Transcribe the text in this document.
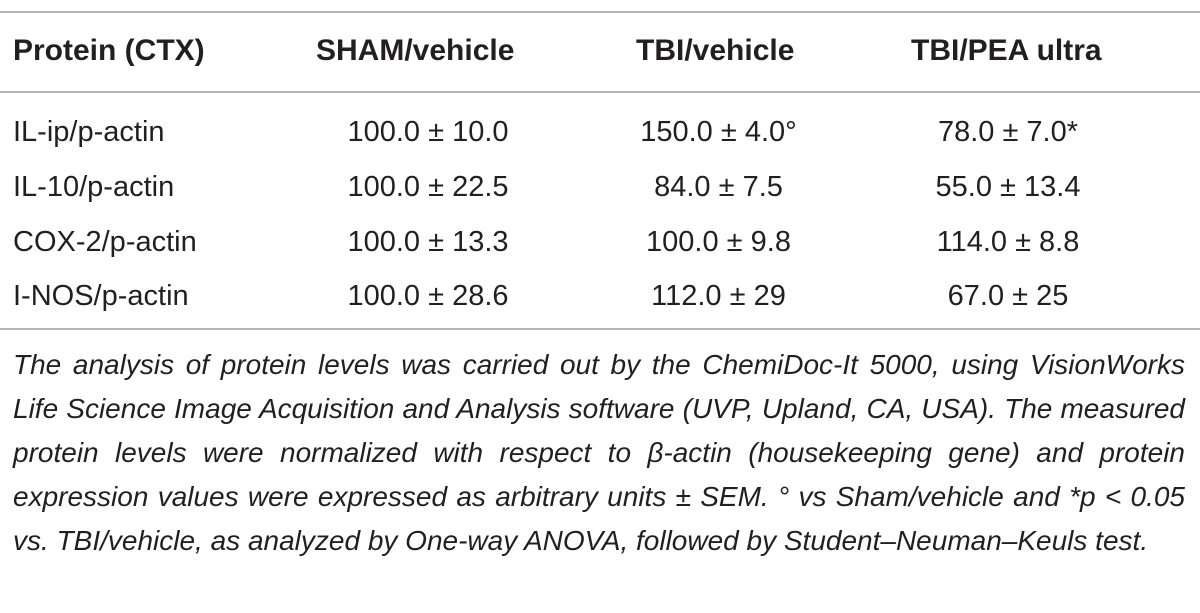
Protein (CTX)	SHAM/vehicle	TBI/vehicle	TBI/PEA ultra
IL-ip/p-actin	100.0 ± 10.0	150.0 ± 4.0°	78.0 ± 7.0*
IL-10/p-actin	100.0 ± 22.5	84.0 ± 7.5	55.0 ± 13.4
COX-2/p-actin	100.0 ± 13.3	100.0 ± 9.8	114.0 ± 8.8
I-NOS/p-actin	100.0 ± 28.6	112.0 ± 29	67.0 ± 25
The analysis of protein levels was carried out by the ChemiDoc-It 5000, using VisionWorks Life Science Image Acquisition and Analysis software (UVP, Upland, CA, USA). The measured protein levels were normalized with respect to β-actin (housekeeping gene) and protein expression values were expressed as arbitrary units ± SEM. ° vs Sham/vehicle and *p < 0.05 vs. TBI/vehicle, as analyzed by One-way ANOVA, followed by Student–Neuman–Keuls test.
